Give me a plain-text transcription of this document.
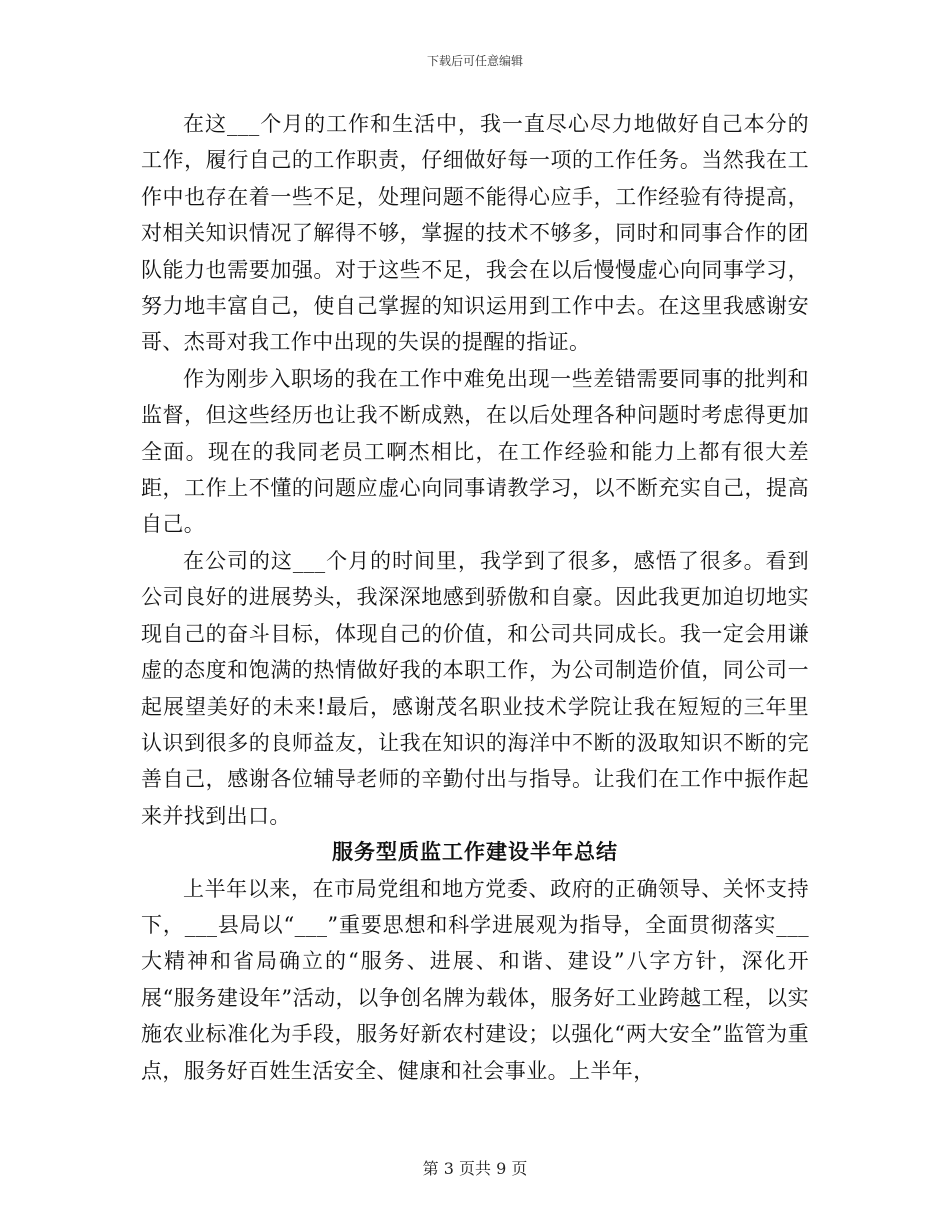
下载后可任意编辑

在这___个月的工作和生活中，我一直尽心尽力地做好自己本分的工作，履行自己的工作职责，仔细做好每一项的工作任务。当然我在工作中也存在着一些不足，处理问题不能得心应手，工作经验有待提高，对相关知识情况了解得不够，掌握的技术不够多，同时和同事合作的团队能力也需要加强。对于这些不足，我会在以后慢慢虚心向同事学习，努力地丰富自己，使自己掌握的知识运用到工作中去。在这里我感谢安哥、杰哥对我工作中出现的失误的提醒的指证。

作为刚步入职场的我在工作中难免出现一些差错需要同事的批判和监督，但这些经历也让我不断成熟，在以后处理各种问题时考虑得更加全面。现在的我同老员工啊杰相比，在工作经验和能力上都有很大差距，工作上不懂的问题应虚心向同事请教学习，以不断充实自己，提高自己。

在公司的这___个月的时间里，我学到了很多，感悟了很多。看到公司良好的进展势头，我深深地感到骄傲和自豪。因此我更加迫切地实现自己的奋斗目标，体现自己的价值，和公司共同成长。我一定会用谦虚的态度和饱满的热情做好我的本职工作，为公司制造价值，同公司一起展望美好的未来!最后，感谢茂名职业技术学院让我在短短的三年里认识到很多的良师益友，让我在知识的海洋中不断的汲取知识不断的完善自己，感谢各位辅导老师的辛勤付出与指导。让我们在工作中振作起来并找到出口。

服务型质监工作建设半年总结

上半年以来，在市局党组和地方党委、政府的正确领导、关怀支持下，___县局以“___”重要思想和科学进展观为指导，全面贯彻落实___大精神和省局确立的“服务、进展、和谐、建设”八字方针，深化开展“服务建设年”活动，以争创名牌为载体，服务好工业跨越工程，以实施农业标准化为手段，服务好新农村建设；以强化“两大安全”监管为重点，服务好百姓生活安全、健康和社会事业。上半年，

第 3 页共 9 页
